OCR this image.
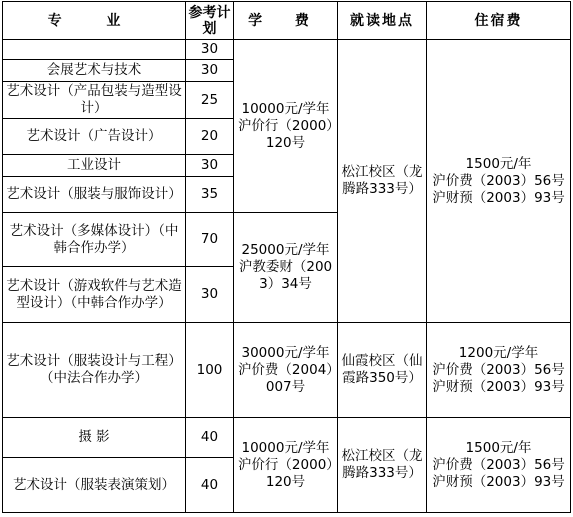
专 业	参考计划	学 费	就读地点	住宿费
	30	10000元/学年沪价行（2000）120号	松江校区（龙腾路333号）	1500元/年
沪价费（2003）56号
沪财预（2003）93号

会展艺术与技术	30			
艺术设计（产品包装与造型设计）	25			
艺术设计（广告设计）	20			
工业设计	30			
艺术设计（服装与服饰设计）	35			
艺术设计（多媒体设计）（中韩合作办学）	70	25000元/学年沪教委财（2003）34号		
艺术设计（游戏软件与艺术造型设计）（中韩合作办学）	30			
艺术设计（服装设计与工程）（中法合作办学）	100	30000元/学年沪价费（2004）007号	仙霞校区（仙霞路350号）	1200元/学年
沪价费（2003）56号
沪财预（2003）93号

摄 影	40	10000元/学年沪价行（2000）120号	松江校区（龙腾路333号）	1500元/年
沪价费（2003）56号
沪财预（2003）93号

艺术设计（服装表演策划）	40			
